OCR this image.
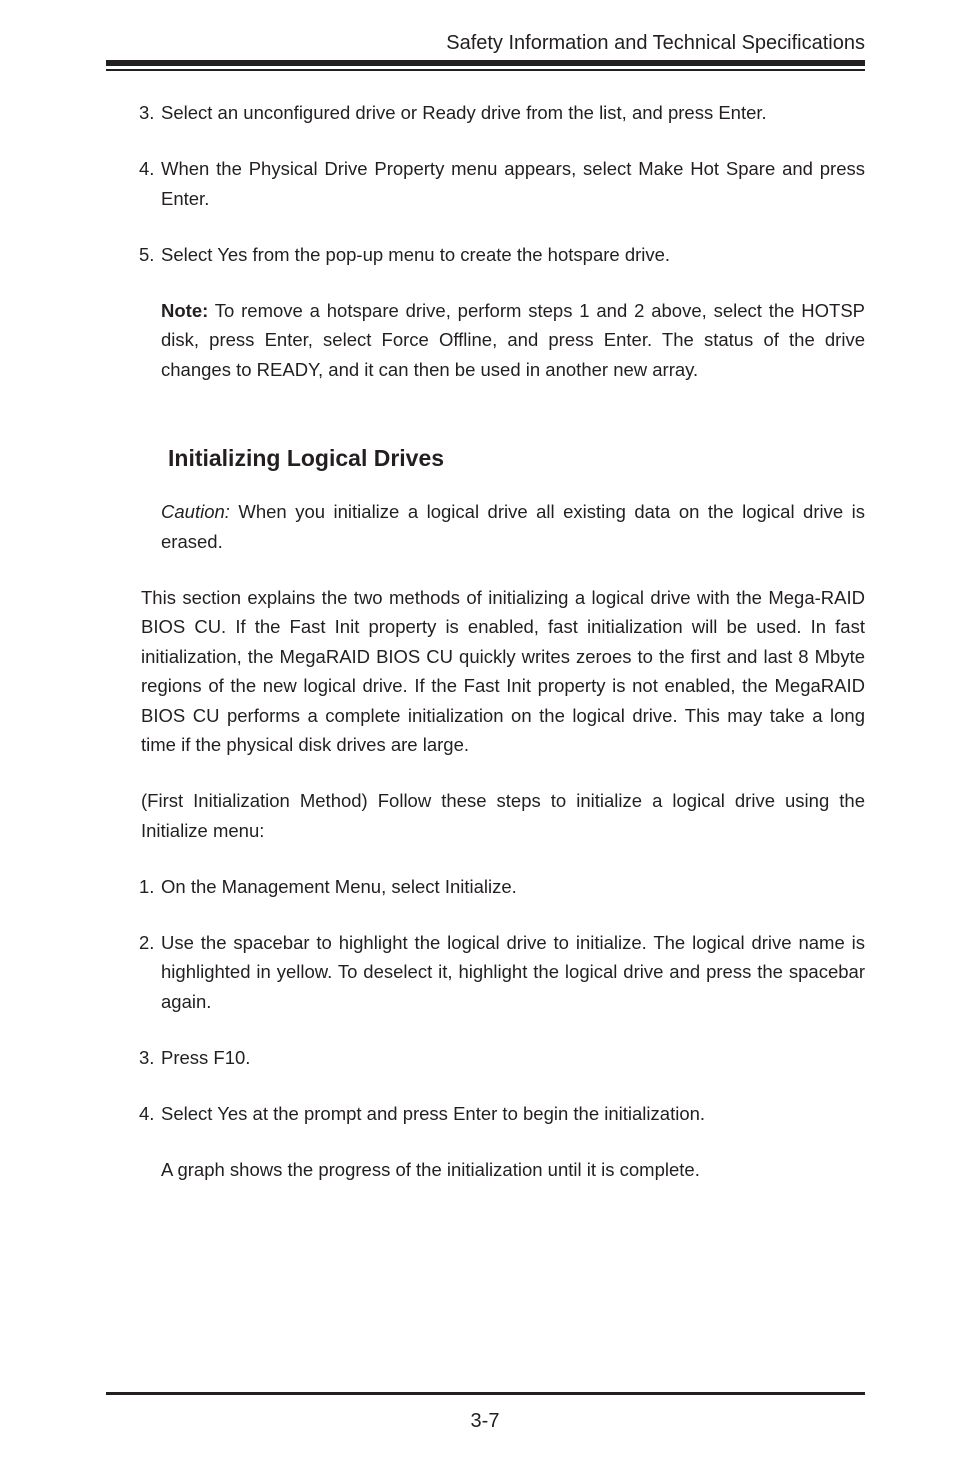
Safety Information and Technical Specifications

3. Select an unconfigured drive or Ready drive from the list, and press Enter.

4. When the Physical Drive Property menu appears, select Make Hot Spare and press Enter.

5. Select Yes from the pop-up menu to create the hotspare drive.

Note: To remove a hotspare drive, perform steps 1 and 2 above, select the HOTSP disk, press Enter, select Force Offline, and press Enter. The status of the drive changes to READY, and it can then be used in another new array.

Initializing Logical Drives

Caution: When you initialize a logical drive all existing data on the logical drive is erased.

This section explains the two methods of initializing a logical drive with the Mega-RAID BIOS CU. If the Fast Init property is enabled, fast initialization will be used. In fast initialization, the MegaRAID BIOS CU quickly writes zeroes to the first and last 8 Mbyte regions of the new logical drive. If the Fast Init property is not enabled, the MegaRAID BIOS CU performs a complete initialization on the logical drive. This may take a long time if the physical disk drives are large.

(First Initialization Method) Follow these steps to initialize a logical drive using the Initialize menu:

1. On the Management Menu, select Initialize.

2. Use the spacebar to highlight the logical drive to initialize. The logical drive name is highlighted in yellow. To deselect it, highlight the logical drive and press the spacebar again.

3. Press F10.

4. Select Yes at the prompt and press Enter to begin the initialization.

A graph shows the progress of the initialization until it is complete.

3-7
